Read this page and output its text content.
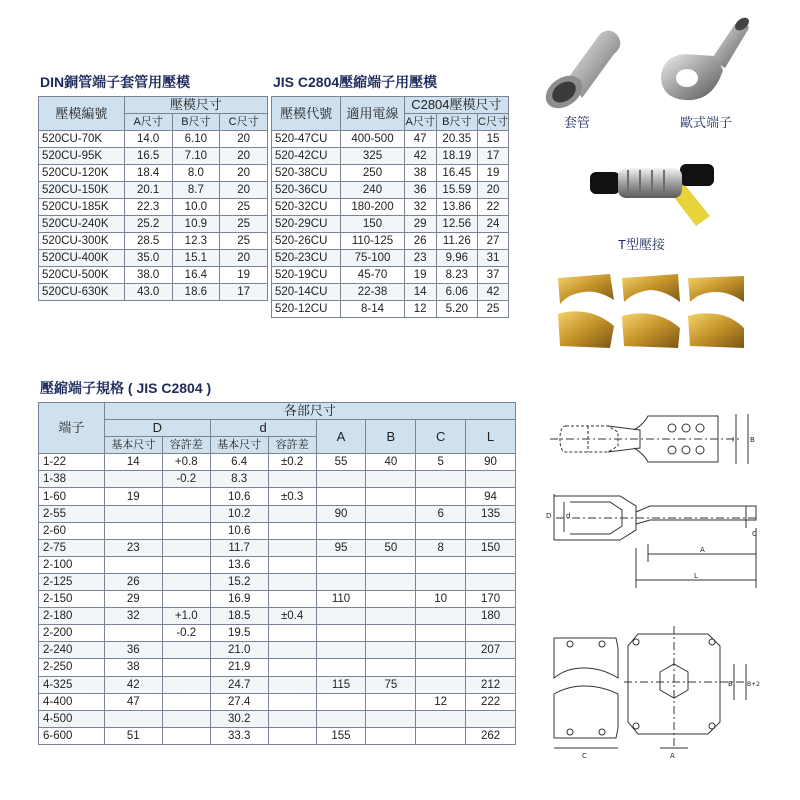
DIN銅管端子套管用壓模
壓模編號	壓模尺寸		
	A尺寸	B尺寸	C尺寸
520CU-70K	14.0	6.10	20
520CU-95K	16.5	7.10	20
520CU-120K	18.4	8.0	20
520CU-150K	20.1	8.7	20
520CU-185K	22.3	10.0	25
520CU-240K	25.2	10.9	25
520CU-300K	28.5	12.3	25
520CU-400K	35.0	15.1	20
520CU-500K	38.0	16.4	19
520CU-630K	43.0	18.6	17
JIS C2804壓縮端子用壓模
壓模代號	適用電線	C2804壓模尺寸		
		A尺寸	B尺寸	C尺寸
520-47CU	400-500	47	20.35	15
520-42CU	325	42	18.19	17
520-38CU	250	38	16.45	19
520-36CU	240	36	15.59	20
520-32CU	180-200	32	13.86	22
520-29CU	150	29	12.56	24
520-26CU	110-125	26	11.26	27
520-23CU	75-100	23	9.96	31
520-19CU	45-70	19	8.23	37
520-14CU	22-38	14	6.06	42
520-12CU	8-14	12	5.20	25
壓縮端子規格 ( JIS C2804 )
端子	各部尺寸							
	D		d		A	B	C	L
	基本尺寸	容許差	基本尺寸	容許差				
1-22	14	+0.8	6.4	±0.2	55	40	5	90
1-38		-0.2	8.3					
1-60	19		10.6	±0.3				94
2-55			10.2		90		6	135
2-60			10.6					
2-75	23		11.7		95	50	8	150
2-100			13.6					
2-125	26		15.2					
2-150	29		16.9		110		10	170
2-180	32	+1.0	18.5	±0.4				180
2-200		-0.2	19.5					
2-240	36		21.0					207
2-250	38		21.9					
4-325	42		24.7		115	75		212
4-400	47		27.4				12	222
4-500			30.2					
6-600	51		33.3		155			262
套管	歐式端子
T型壓接
I B
D d
C
A
L
B B+2
C	A
